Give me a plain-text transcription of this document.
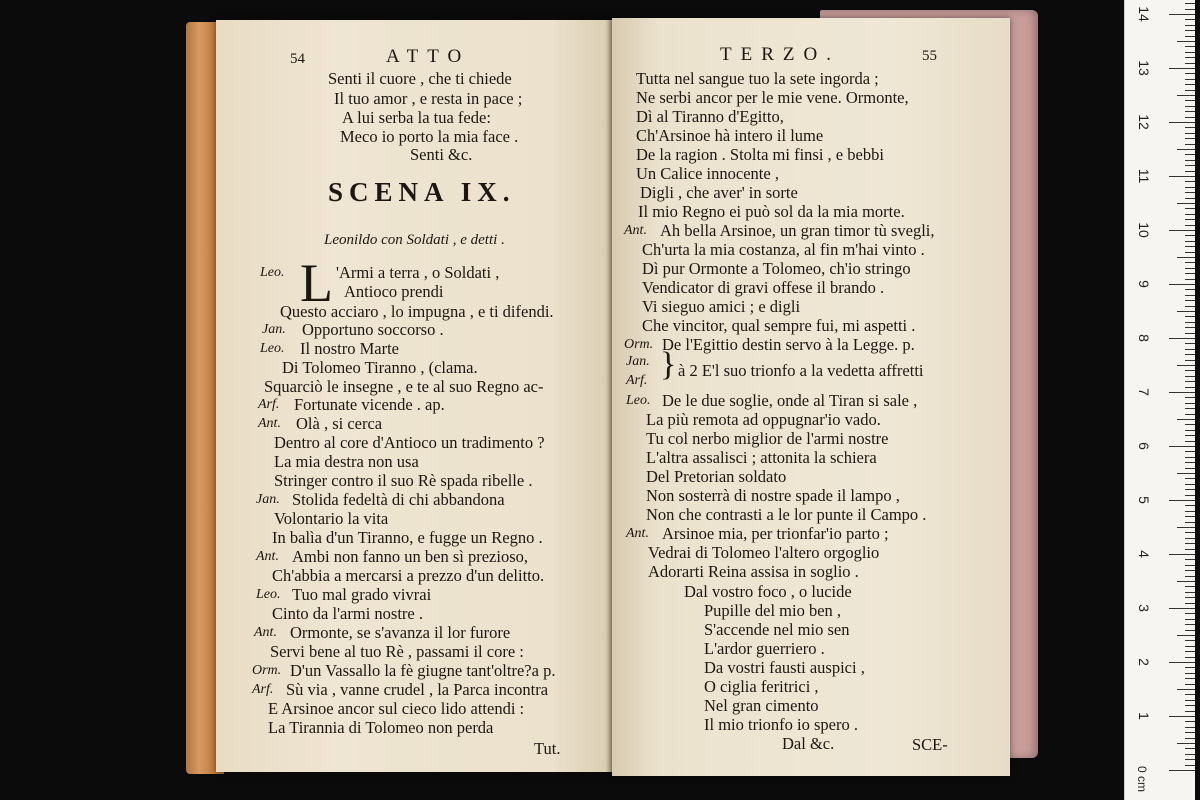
54	ATTO
Senti il cuore , che ti chiede
Il tuo amor , e resta in pace ;
A lui serba la tua fede:
Meco io porto la mia face .
Senti &c.
SCENA IX.
Leonildo con Soldati , e detti .
L
Leo.	'Armi a terra , o Soldati ,
Antioco prendi
Questo acciaro , lo impugna , e ti difendi.
Jan. Opportuno soccorso .
Leo. Il nostro Marte
Di Tolomeo Tiranno , (clama.
Squarciò le insegne , e te al suo Regno ac-
Arf. Fortunate vicende . ap.
Ant. Olà , si cerca
Dentro al core d'Antioco un tradimento ?
La mia destra non usa
Stringer contro il suo Rè spada ribelle .
Jan. Stolida fedeltà di chi abbandona
Volontario la vita
In balìa d'un Tiranno, e fugge un Regno .
Ant. Ambi non fanno un ben sì prezioso,
Ch'abbia a mercarsi a prezzo d'un delitto.
Leo. Tuo mal grado vivrai
Cinto da l'armi nostre .
Ant. Ormonte, se s'avanza il lor furore
Servi bene al tuo Rè , passami il core :
Orm. D'un Vassallo la fè giugne tant'oltre?a p.
Arf. Sù via , vanne crudel , la Parca incontra
E Arsinoe ancor sul cieco lido attendi :
La Tirannia di Tolomeo non perda
Tut.
TERZO.	55
Tutta nel sangue tuo la sete ingorda ;
Ne serbi ancor per le mie vene. Ormonte,
Dì al Tiranno d'Egitto,
Ch'Arsinoe hà intero il lume
De la ragion . Stolta mi finsi , e bebbi
Un Calice innocente ,
Digli , che aver' in sorte
Il mio Regno ei può sol da la mia morte.
Ant. Ah bella Arsinoe, un gran timor tù svegli,
Ch'urta la mia costanza, al fin m'hai vinto .
Dì pur Ormonte a Tolomeo, ch'io stringo
Vendicator di gravi offese il brando .
Vi sieguo amici ; e digli
Che vincitor, qual sempre fui, mi aspetti .
Orm. De l'Egittio destin servo à la Legge. p.
Jan.
Arf. } à 2 E'l suo trionfo a la vedetta affretti
Leo. De le due soglie, onde al Tiran si sale ,
La più remota ad oppugnar'io vado.
Tu col nerbo miglior de l'armi nostre
L'altra assalisci ; attonita la schiera
Del Pretorian soldato
Non sosterrà di nostre spade il lampo ,
Non che contrasti a le lor punte il Campo .
Ant. Arsinoe mia, per trionfar'io parto ;
Vedrai di Tolomeo l'altero orgoglio
Adorarti Reina assisa in soglio .
Dal vostro foco , o lucide
Pupille del mio ben ,
S'accende nel mio sen
L'ardor guerriero .
Da vostri fausti auspici ,
O ciglia feritrici ,
Nel gran cimento
Il mio trionfo io spero .
Dal &c.	SCE-
14
13
12
11
10
9
8
7
6
5
4
3
2
1
0 cm
